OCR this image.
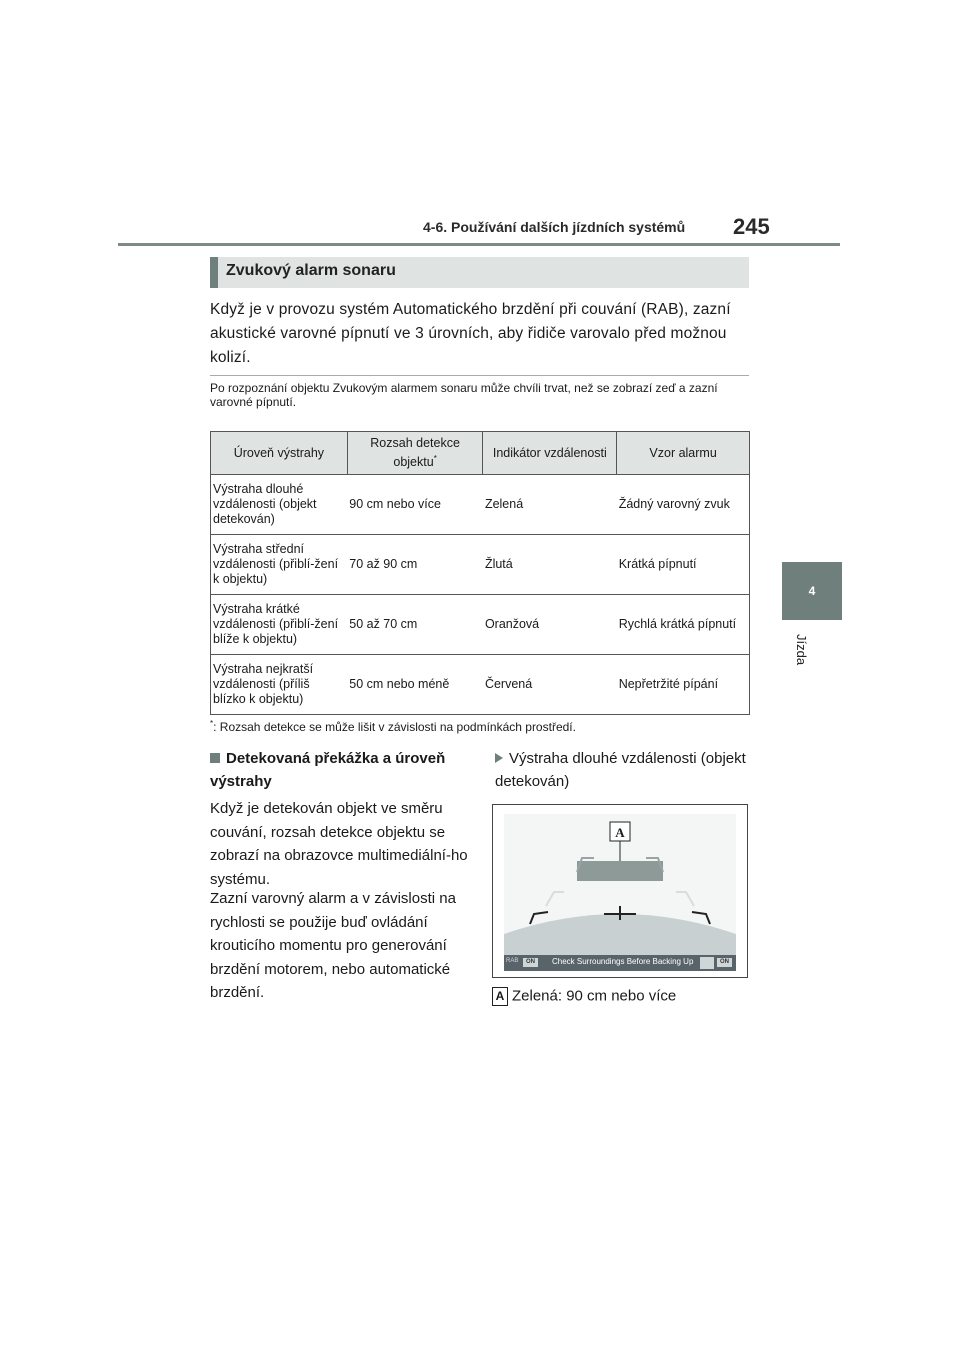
4-6. Používání dalších jízdních systémů 245
4
Jízda
Zvukový alarm sonaru
Když je v provozu systém Automatického brzdění při couvání (RAB), zazní akustické varovné pípnutí ve 3 úrovních, aby řidiče varovalo před možnou kolizí.
Po rozpoznání objektu Zvukovým alarmem sonaru může chvíli trvat, než se zobrazí zeď a zazní varovné pípnutí.
Úroveň výstrahy	Rozsah detekce objektu*	Indikátor vzdálenosti	Vzor alarmu
Výstraha dlouhé vzdálenosti (objekt detekován)	90 cm nebo více	Zelená	Žádný varovný zvuk
Výstraha střední vzdálenosti (přiblí-žení k objektu)	70 až 90 cm	Žlutá	Krátká pípnutí
Výstraha krátké vzdálenosti (přiblí-žení blíže k objektu)	50 až 70 cm	Oranžová	Rychlá krátká pípnutí
Výstraha nejkratší vzdálenosti (příliš blízko k objektu)	50 cm nebo méně	Červená	Nepřetržité pípání
*: Rozsah detekce se může lišit v závislosti na podmínkách prostředí.
Detekovaná překážka a úroveň výstrahy
Když je detekován objekt ve směru couvání, rozsah detekce objektu se zobrazí na obrazovce multimediální-ho systému.
Zazní varovný alarm a v závislosti na rychlosti se použije buď ovládání krouticího momentu pro generování brzdění motorem, nebo automatické brzdění.
Výstraha dlouhé vzdálenosti (objekt detekován)
A
RAB	ON	Check Surroundings Before Backing Up	ON
A Zelená: 90 cm nebo více
